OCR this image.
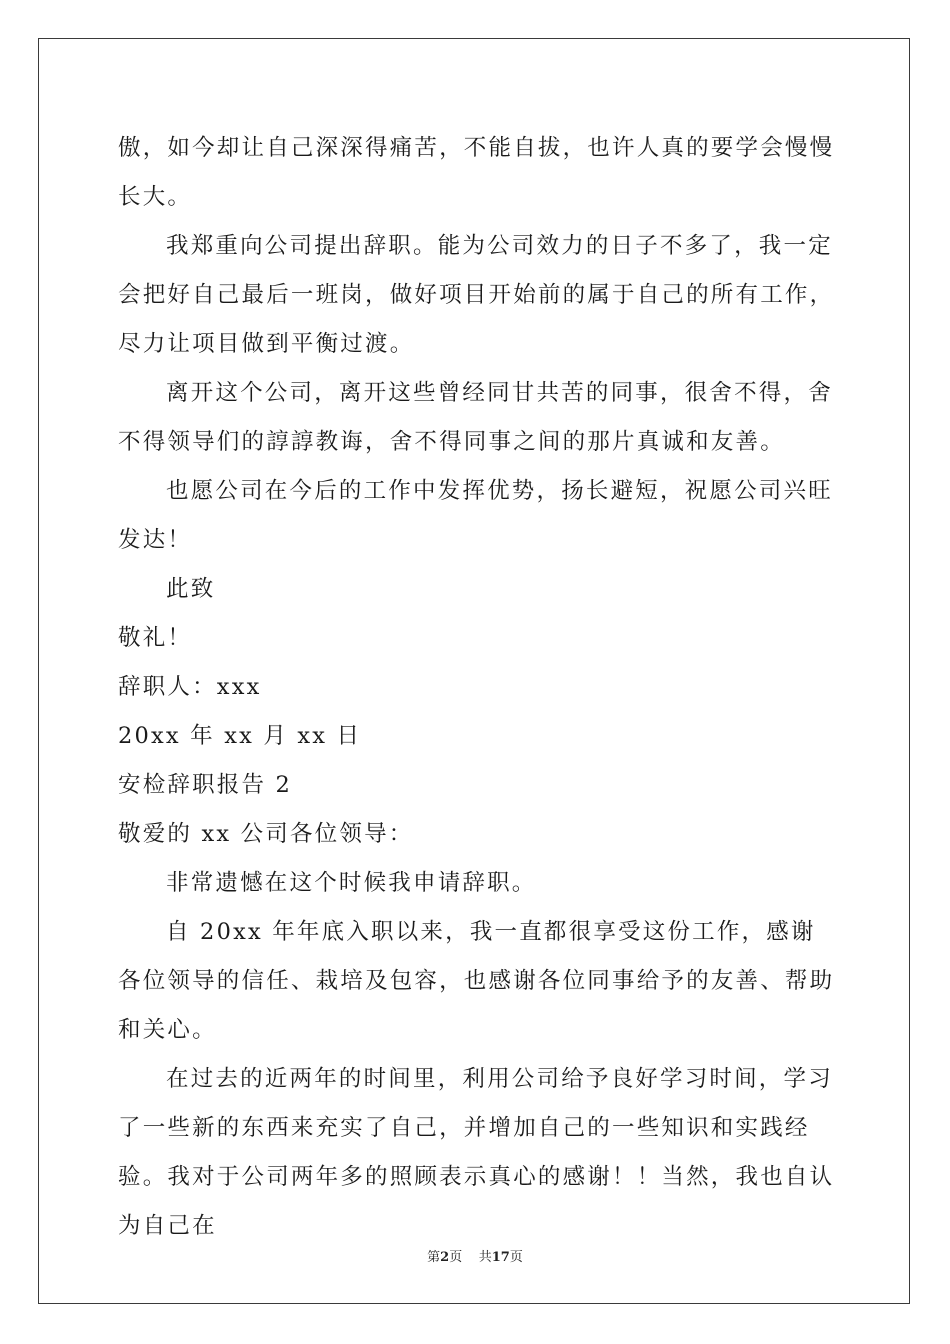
傲，如今却让自己深深得痛苦，不能自拔，也许人真的要学会慢慢长大。

我郑重向公司提出辞职。能为公司效力的日子不多了，我一定会把好自己最后一班岗，做好项目开始前的属于自己的所有工作，尽力让项目做到平衡过渡。

离开这个公司，离开这些曾经同甘共苦的同事，很舍不得，舍不得领导们的諄諄教诲，舍不得同事之间的那片真诚和友善。

也愿公司在今后的工作中发挥优势，扬长避短，祝愿公司兴旺发达！

此致

敬礼！

辞职人：xxx

20xx 年 xx 月 xx 日

安检辞职报告 2

敬爱的 xx 公司各位领导：

非常遗憾在这个时候我申请辞职。

自 20xx 年年底入职以来，我一直都很享受这份工作，感谢各位领导的信任、栽培及包容，也感谢各位同事给予的友善、帮助和关心。

在过去的近两年的时间里，利用公司给予良好学习时间，学习了一些新的东西来充实了自己，并增加自己的一些知识和实践经验。我对于公司两年多的照顾表示真心的感谢！！当然，我也自认为自己在

第2页 共17页
